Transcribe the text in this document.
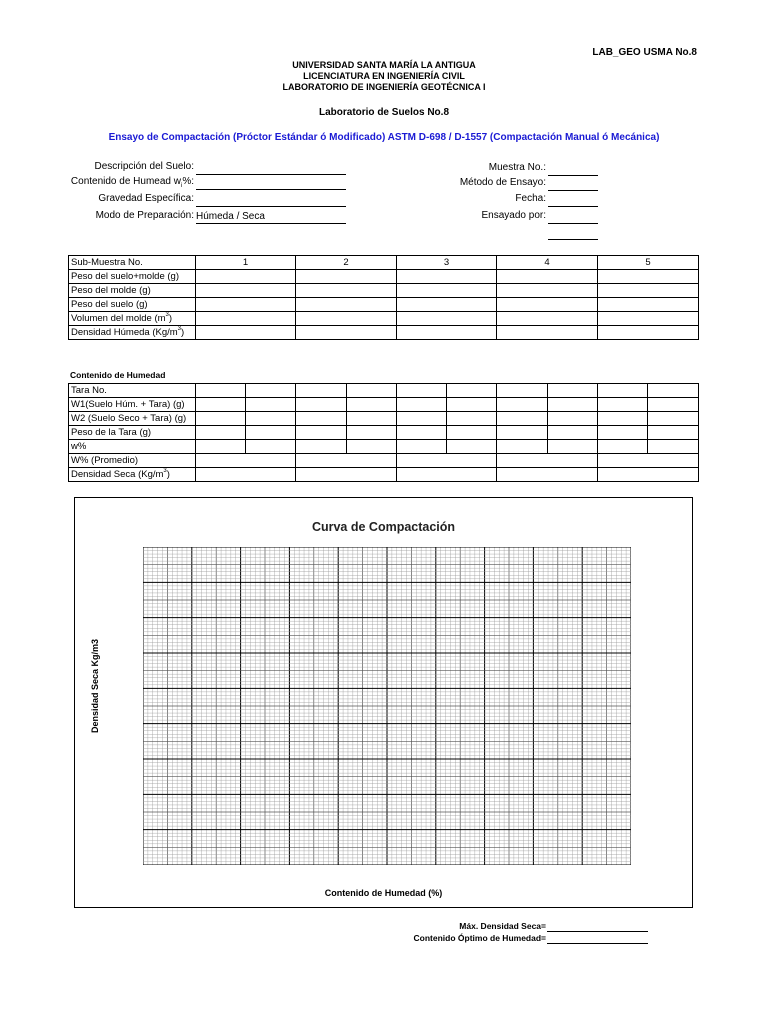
LAB_GEO USMA No.8
UNIVERSIDAD SANTA MARÍA LA ANTIGUA
LICENCIATURA EN INGENIERÍA CIVIL
LABORATORIO DE INGENIERÍA GEOTÉCNICA I
Laboratorio de Suelos No.8
Ensayo de Compactación (Próctor Estándar ó Modificado) ASTM D-698 / D-1557 (Compactación Manual ó Mecánica)
Descripción del Suelo:
Contenido de Humead $w_i\%$:
Gravedad Específica:
Modo de Preparación: Húmeda / Seca
Muestra No.:
Método de Ensayo:
Fecha:
Ensayado por:
Sub-Muestra No.	1	2	3	4	5
Peso del suelo+molde (g)					
Peso del molde (g)					
Peso del suelo (g)					
Volumen del molde $(m^3)$					
Densidad Húmeda $(Kg/m^3)$					
Contenido de Humedad
Tara No.										
W1(Suelo Húm. + Tara) (g)										
W2 (Suelo Seco + Tara) (g)										
Peso de la Tara (g)										
w%										
W% (Promedio)										
Densidad Seca $(Kg/m^3)$										
Curva de Compactación
Densidad Seca Kg/m3
Contenido de Humedad (%)
Máx. Densidad Seca=
Contenido Óptimo de Humedad=
